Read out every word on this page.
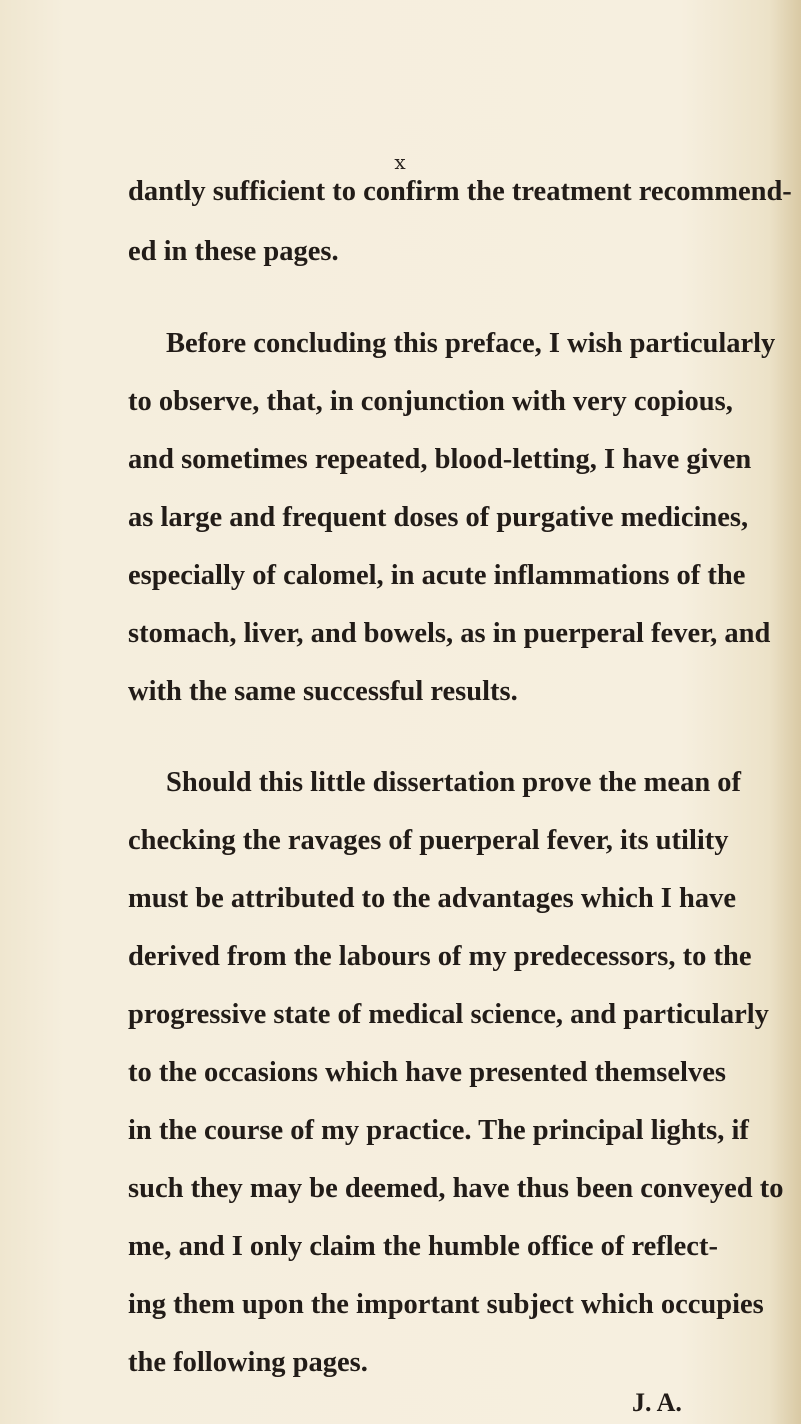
x
dantly sufficient to confirm the treatment recommend-
ed in these pages.
Before concluding this preface, I wish particularly
to observe, that, in conjunction with very copious,
and sometimes repeated, blood-letting, I have given
as large and frequent doses of purgative medicines,
especially of calomel, in acute inflammations of the
stomach, liver, and bowels, as in puerperal fever, and
with the same successful results.
Should this little dissertation prove the mean of
checking the ravages of puerperal fever, its utility
must be attributed to the advantages which I have
derived from the labours of my predecessors, to the
progressive state of medical science, and particularly
to the occasions which have presented themselves
in the course of my practice. The principal lights, if
such they may be deemed, have thus been conveyed to
me, and I only claim the humble office of reflect-
ing them upon the important subject which occupies
the following pages.
J. A.
